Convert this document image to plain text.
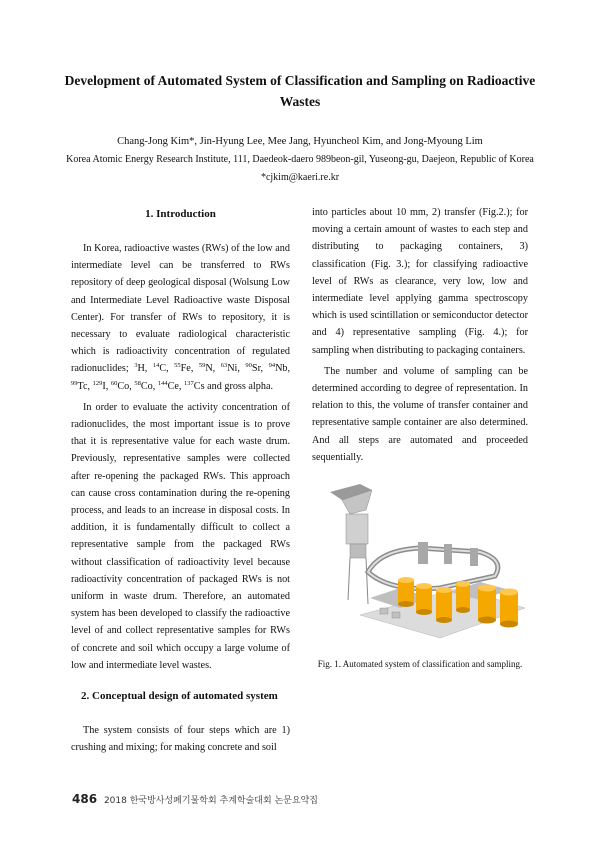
Development of Automated System of Classification and Sampling on Radioactive Wastes
Chang-Jong Kim*, Jin-Hyung Lee, Mee Jang, Hyuncheol Kim, and Jong-Myoung Lim
Korea Atomic Energy Research Institute, 111, Daedeok-daero 989beon-gil, Yuseong-gu, Daejeon, Republic of Korea
*cjkim@kaeri.re.kr
1. Introduction

In Korea, radioactive wastes (RWs) of the low and intermediate level can be transferred to RWs repository of deep geological disposal (Wolsung Low and Intermediate Level Radioactive waste Disposal Center). For transfer of RWs to repository, it is necessary to evaluate radiological characteristic which is radioactivity concentration of regulated radionuclides; $^3$H, $^{14}$C, $^{55}$Fe, $^{59}$N, $^{63}$Ni, $^{90}$Sr, $^{94}$Nb, $^{99}$Tc, $^{129}$I, $^{60}$Co, $^{58}$Co, $^{144}$Ce, $^{137}$Cs and gross alpha.

In order to evaluate the activity concentration of radionuclides, the most important issue is to prove that it is representative value for each waste drum. Previously, representative samples were collected after re-opening the packaged RWs. This approach can cause cross contamination during the re-opening process, and leads to an increase in disposal costs. In addition, it is fundamentally difficult to collect a representative sample from the packaged RWs without classification of radioactivity level because radioactivity concentration of packaged RWs is not uniform in waste drum. Therefore, an automated system has been developed to classify the radioactive level of and collect representative samples for RWs of concrete and soil which occupy a large volume of low and intermediate level wastes.

2. Conceptual design of automated system

The system consists of four steps which are 1) crushing and mixing; for making concrete and soil

into particles about 10 mm, 2) transfer (Fig.2.); for moving a certain amount of wastes to each step and distributing to packaging containers, 3) classification (Fig. 3.); for classifying radioactive level of RWs as clearance, very low, low and intermediate level applying gamma spectroscopy which is used scintillation or semiconductor detector and 4) representative sampling (Fig. 4.); for sampling when distributing to packaging containers.

The number and volume of sampling can be determined according to degree of representation. In relation to this, the volume of transfer container and representative sample container are also determined. And all steps are automated and proceeded sequentially.

Fig. 1. Automated system of classification and sampling.
486 2018 한국방사성폐기물학회 추계학술대회 논문요약집
